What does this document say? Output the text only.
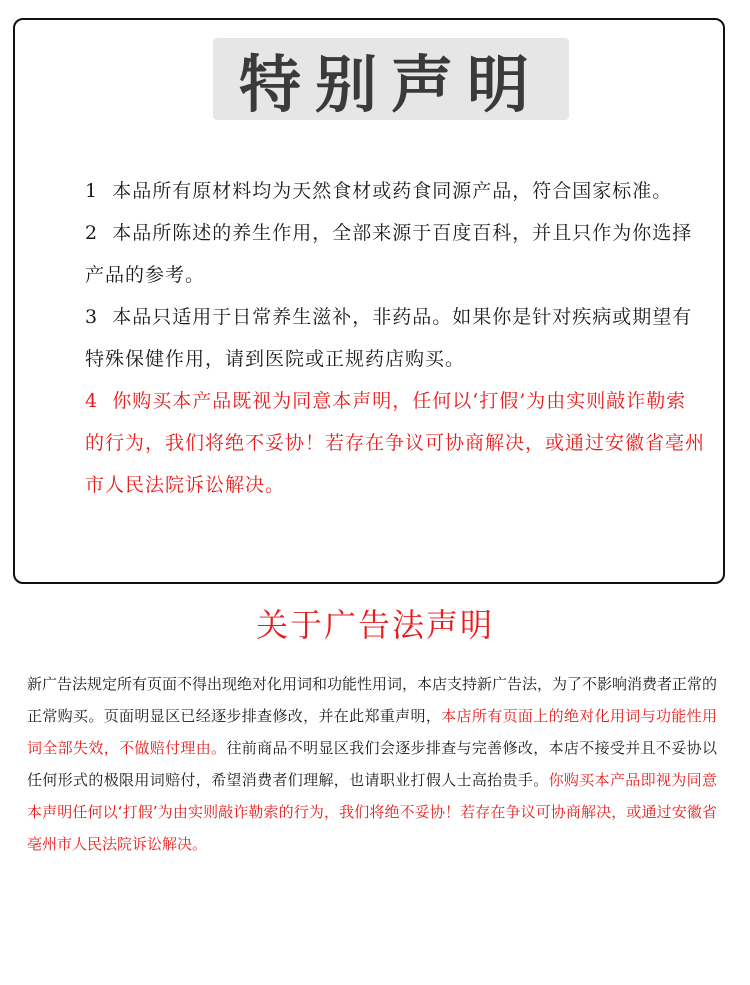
特别声明

1 本品所有原材料均为天然食材或药食同源产品，符合国家标准。

2 本品所陈述的养生作用，全部来源于百度百科，并且只作为你选择产品的参考。

3 本品只适用于日常养生滋补，非药品。如果你是针对疾病或期望有特殊保健作用，请到医院或正规药店购买。

4 你购买本产品既视为同意本声明，任何以‘打假’为由实则敲诈勒索的行为，我们将绝不妥协！若存在争议可协商解决，或通过安徽省亳州市人民法院诉讼解决。

关于广告法声明
新广告法规定所有页面不得出现绝对化用词和功能性用词，本店支持新广告法，为了不影响消费者正常的正常购买。页面明显区已经逐步排查修改，并在此郑重声明，本店所有页面上的绝对化用词与功能性用词全部失效，不做赔付理由。往前商品不明显区我们会逐步排查与完善修改，本店不接受并且不妥协以任何形式的极限用词赔付，希望消费者们理解，也请职业打假人士高抬贵手。你购买本产品即视为同意本声明任何以‘打假’为由实则敲诈勒索的行为，我们将绝不妥协！若存在争议可协商解决，或通过安徽省亳州市人民法院诉讼解决。
